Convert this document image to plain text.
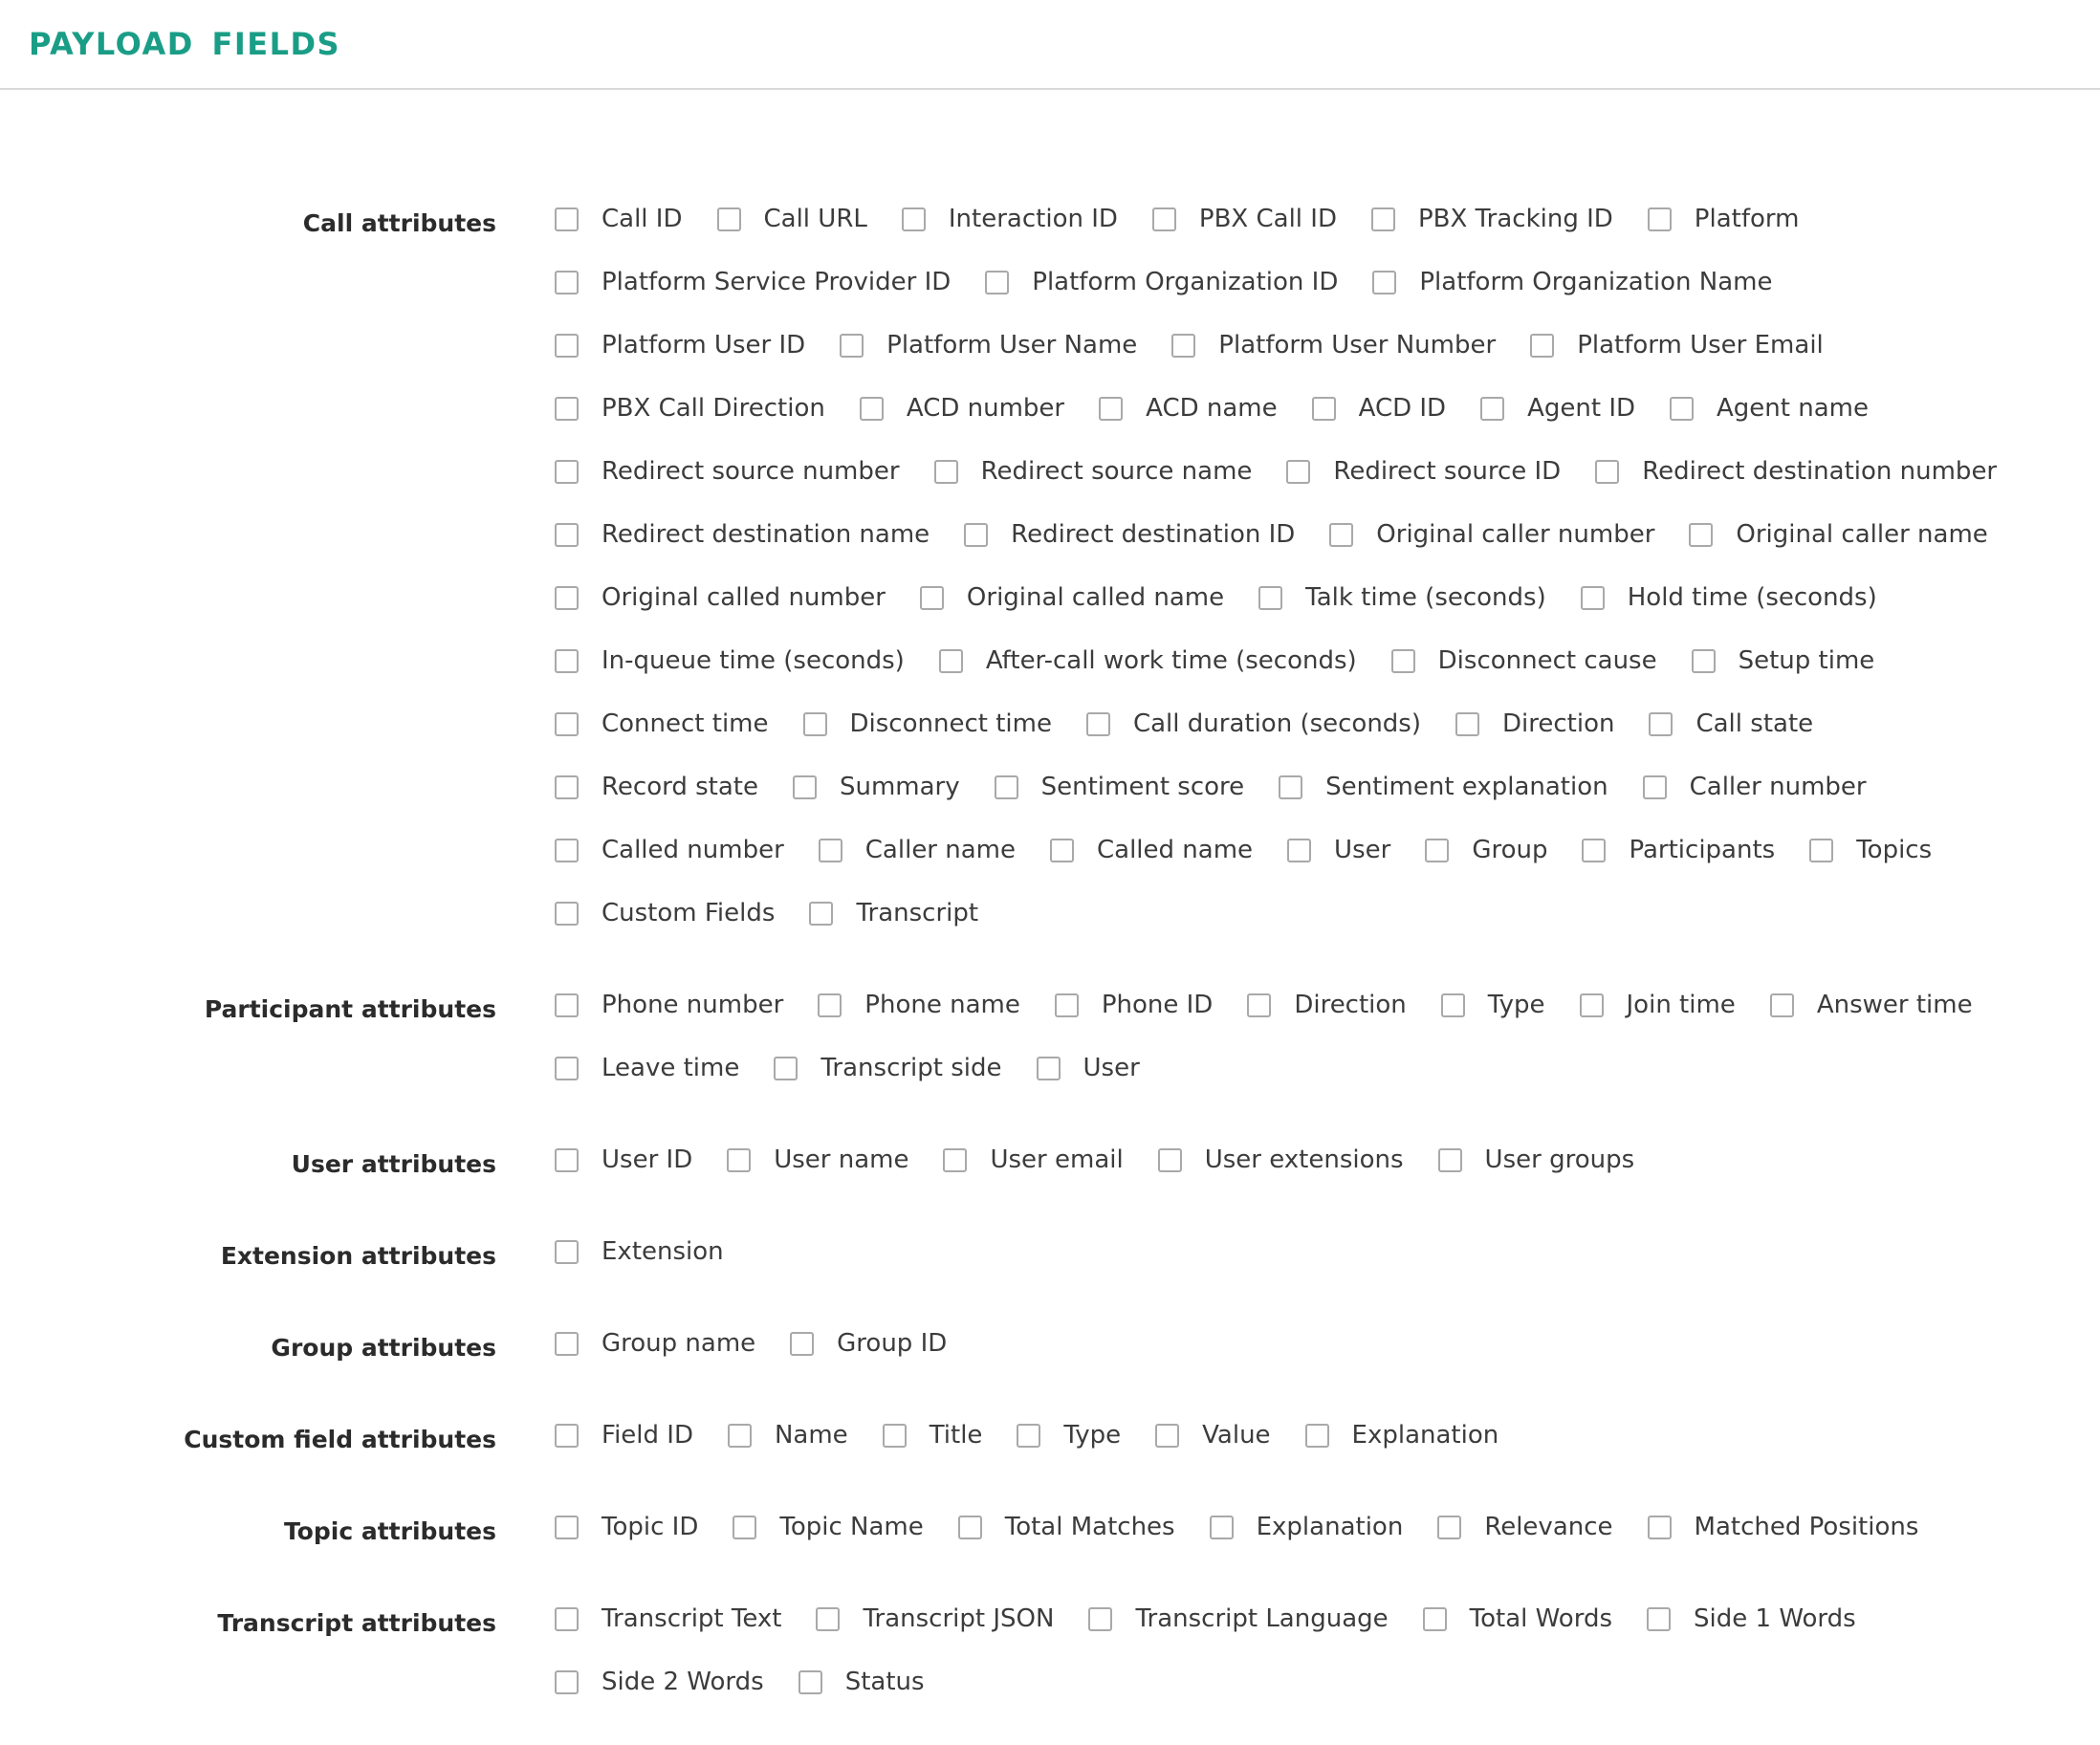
PAYLOAD FIELDS
Call attributes	Call ID	Call URL	Interaction ID	PBX Call ID	PBX Tracking ID	Platform
Platform Service Provider ID	Platform Organization ID	Platform Organization Name
Platform User ID	Platform User Name	Platform User Number	Platform User Email
PBX Call Direction	ACD number	ACD name	ACD ID	Agent ID	Agent name
Redirect source number	Redirect source name	Redirect source ID	Redirect destination number
Redirect destination name	Redirect destination ID	Original caller number	Original caller name
Original called number	Original called name	Talk time (seconds)	Hold time (seconds)
In-queue time (seconds)	After-call work time (seconds)	Disconnect cause	Setup time
Connect time	Disconnect time	Call duration (seconds)	Direction	Call state
Record state	Summary	Sentiment score	Sentiment explanation	Caller number
Called number	Caller name	Called name	User	Group	Participants	Topics
Custom Fields	Transcript
Participant attributes	Phone number	Phone name	Phone ID	Direction	Type	Join time	Answer time
Leave time	Transcript side	User
User attributes	User ID	User name	User email	User extensions	User groups
Extension attributes	Extension
Group attributes	Group name	Group ID
Custom field attributes	Field ID	Name	Title	Type	Value	Explanation
Topic attributes	Topic ID	Topic Name	Total Matches	Explanation	Relevance	Matched Positions
Transcript attributes	Transcript Text	Transcript JSON	Transcript Language	Total Words	Side 1 Words
Side 2 Words	Status
